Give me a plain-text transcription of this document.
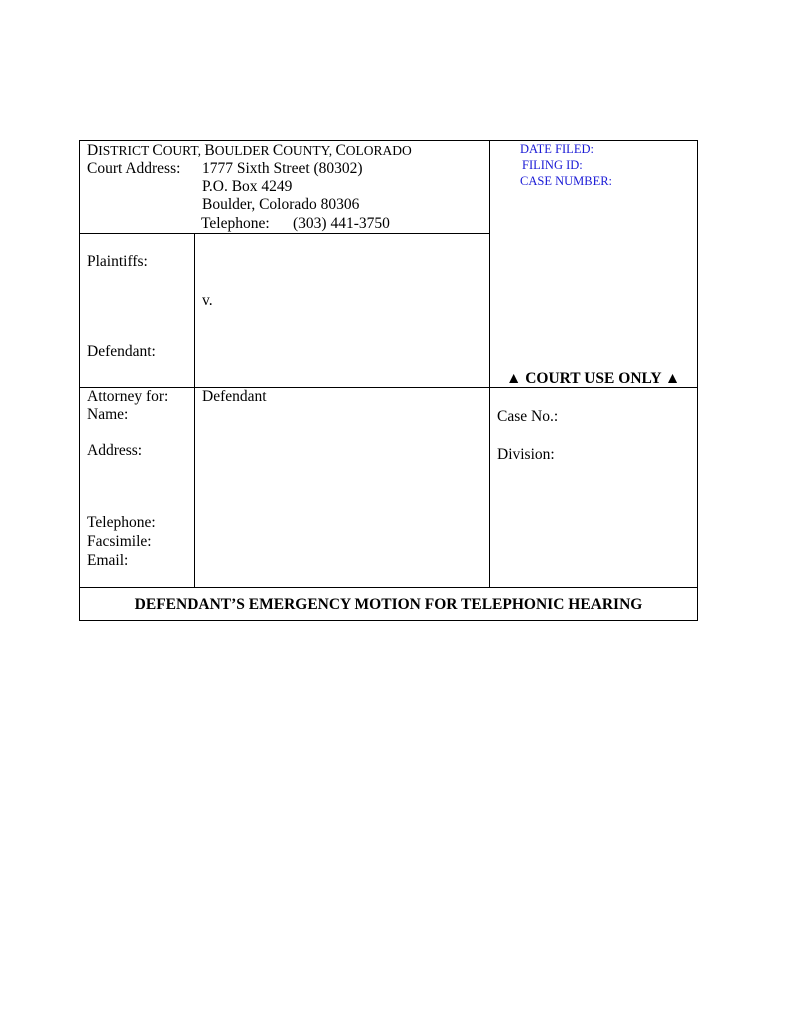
DISTRICT COURT, BOULDER COUNTY, COLORADO
Court Address: 1777 Sixth Street (80302)
P.O. Box 4249
Boulder, Colorado 80306
Telephone: (303) 441-3750
DATE FILED:
FILING ID:
CASE NUMBER:
Plaintiffs:
v.
Defendant:
▲ COURT USE ONLY ▲
Attorney for: Defendant
Name:
Address:
Telephone:
Facsimile:
Email:
Case No.:
Division:
DEFENDANT’S EMERGENCY MOTION FOR TELEPHONIC HEARING
